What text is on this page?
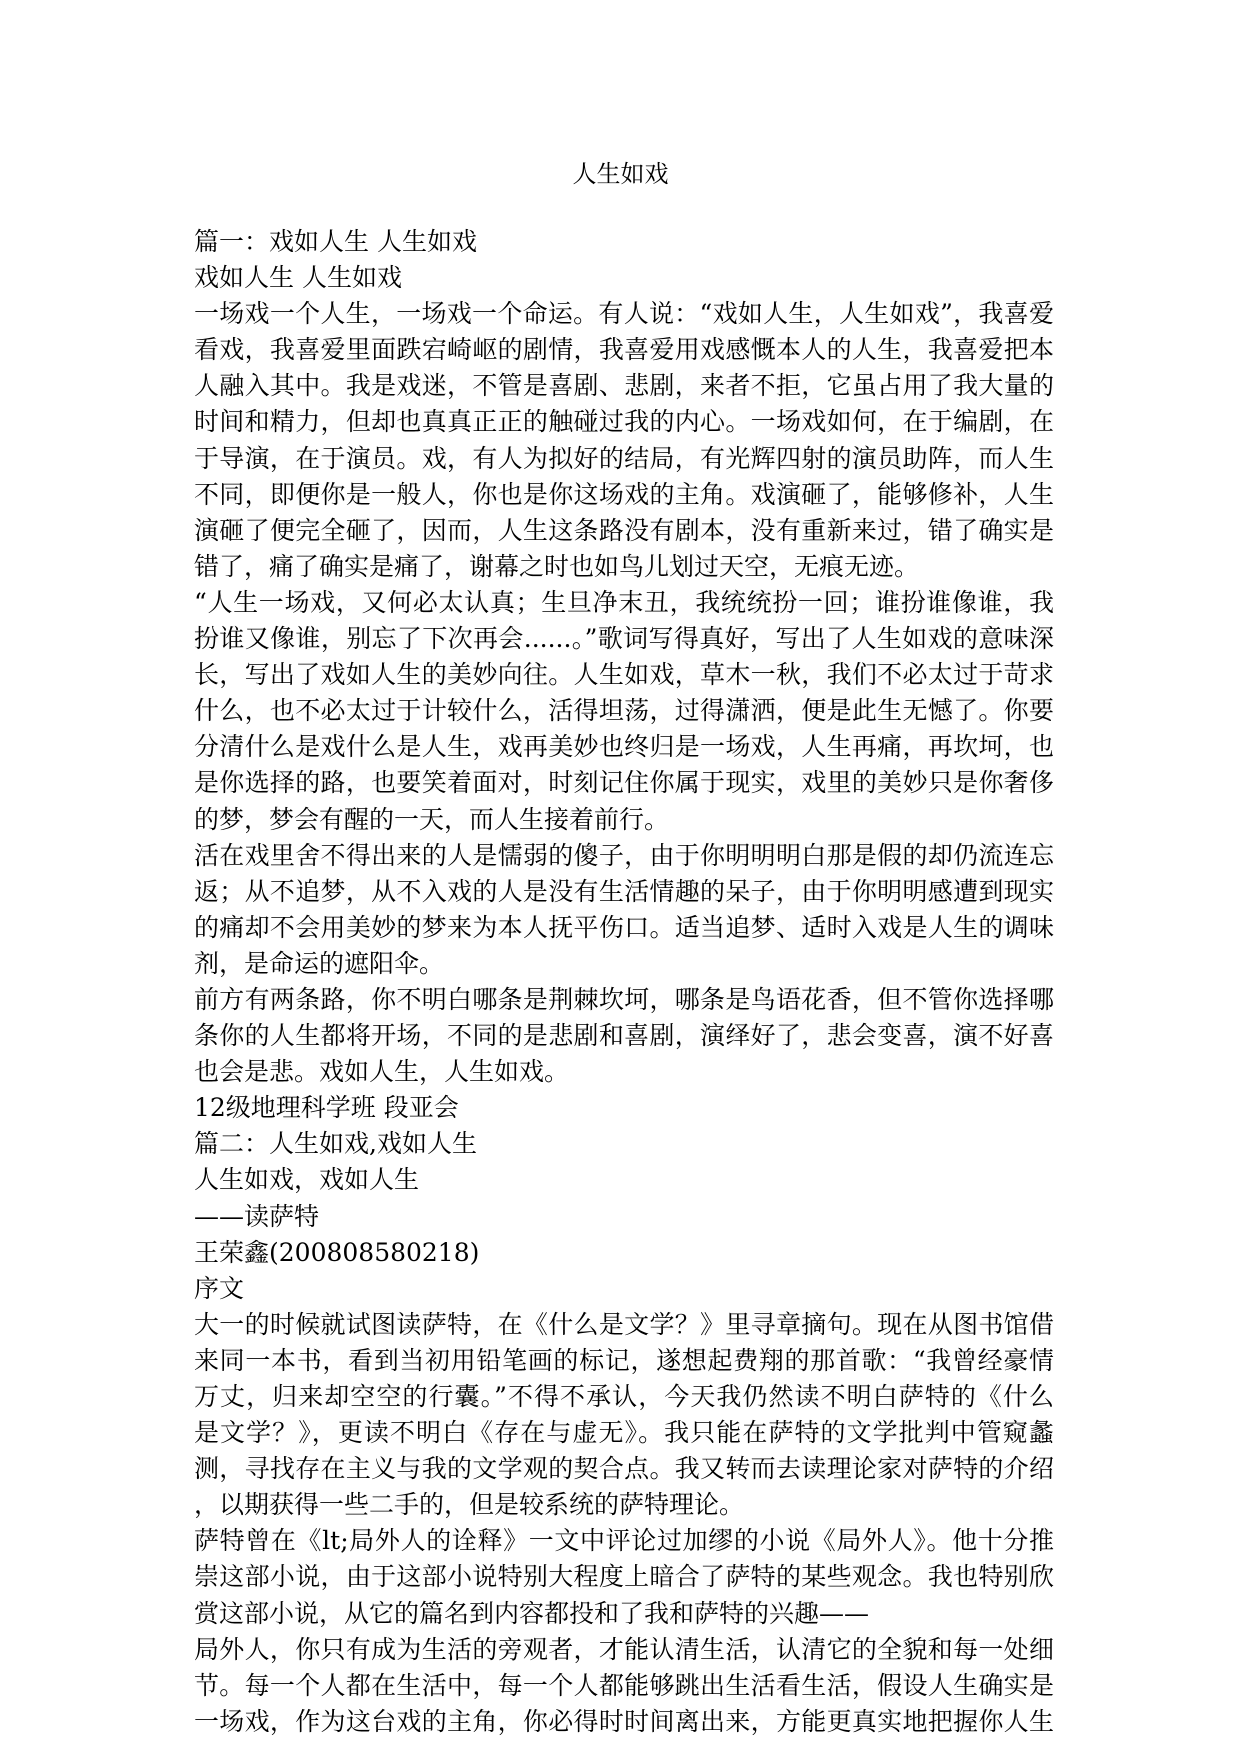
人生如戏
篇一：戏如人生 人生如戏
戏如人生 人生如戏
一场戏一个人生，一场戏一个命运。有人说：“戏如人生，人生如戏”，我喜爱
看戏，我喜爱里面跌宕崎岖的剧情，我喜爱用戏感慨本人的人生，我喜爱把本
人融入其中。我是戏迷，不管是喜剧、悲剧，来者不拒，它虽占用了我大量的
时间和精力，但却也真真正正的触碰过我的内心。一场戏如何，在于编剧，在
于导演，在于演员。戏，有人为拟好的结局，有光辉四射的演员助阵，而人生
不同，即便你是一般人，你也是你这场戏的主角。戏演砸了，能够修补，人生
演砸了便完全砸了，因而，人生这条路没有剧本，没有重新来过，错了确实是
错了，痛了确实是痛了，谢幕之时也如鸟儿划过天空，无痕无迹。
“人生一场戏，又何必太认真；生旦净末丑，我统统扮一回；谁扮谁像谁，我
扮谁又像谁，别忘了下次再会......。”歌词写得真好，写出了人生如戏的意味深
长，写出了戏如人生的美妙向往。人生如戏，草木一秋，我们不必太过于苛求
什么，也不必太过于计较什么，活得坦荡，过得潇洒，便是此生无憾了。你要
分清什么是戏什么是人生，戏再美妙也终归是一场戏，人生再痛，再坎坷，也
是你选择的路，也要笑着面对，时刻记住你属于现实，戏里的美妙只是你奢侈
的梦，梦会有醒的一天，而人生接着前行。
活在戏里舍不得出来的人是懦弱的傻子，由于你明明明白那是假的却仍流连忘
返；从不追梦，从不入戏的人是没有生活情趣的呆子，由于你明明感遭到现实
的痛却不会用美妙的梦来为本人抚平伤口。适当追梦、适时入戏是人生的调味
剂，是命运的遮阳伞。
前方有两条路，你不明白哪条是荆棘坎坷，哪条是鸟语花香，但不管你选择哪
条你的人生都将开场，不同的是悲剧和喜剧，演绎好了，悲会变喜，演不好喜
也会是悲。戏如人生，人生如戏。
12级地理科学班 段亚会
篇二：人生如戏,戏如人生
人生如戏，戏如人生
——读萨特
王荣鑫(200808580218)
序文
大一的时候就试图读萨特，在《什么是文学？》里寻章摘句。现在从图书馆借
来同一本书，看到当初用铅笔画的标记，遂想起费翔的那首歌：“我曾经豪情
万丈，归来却空空的行囊。”不得不承认，今天我仍然读不明白萨特的《什么
是文学？》，更读不明白《存在与虚无》。我只能在萨特的文学批判中管窥蠡
测，寻找存在主义与我的文学观的契合点。我又转而去读理论家对萨特的介绍
，以期获得一些二手的，但是较系统的萨特理论。
萨特曾在《lt;局外人的诠释》一文中评论过加缪的小说《局外人》。他十分推
崇这部小说，由于这部小说特别大程度上暗合了萨特的某些观念。我也特别欣
赏这部小说，从它的篇名到内容都投和了我和萨特的兴趣——
局外人，你只有成为生活的旁观者，才能认清生活，认清它的全貌和每一处细
节。每一个人都在生活中，每一个人都能够跳出生活看生活，假设人生确实是
一场戏，作为这台戏的主角，你必得时时间离出来，方能更真实地把握你人生
